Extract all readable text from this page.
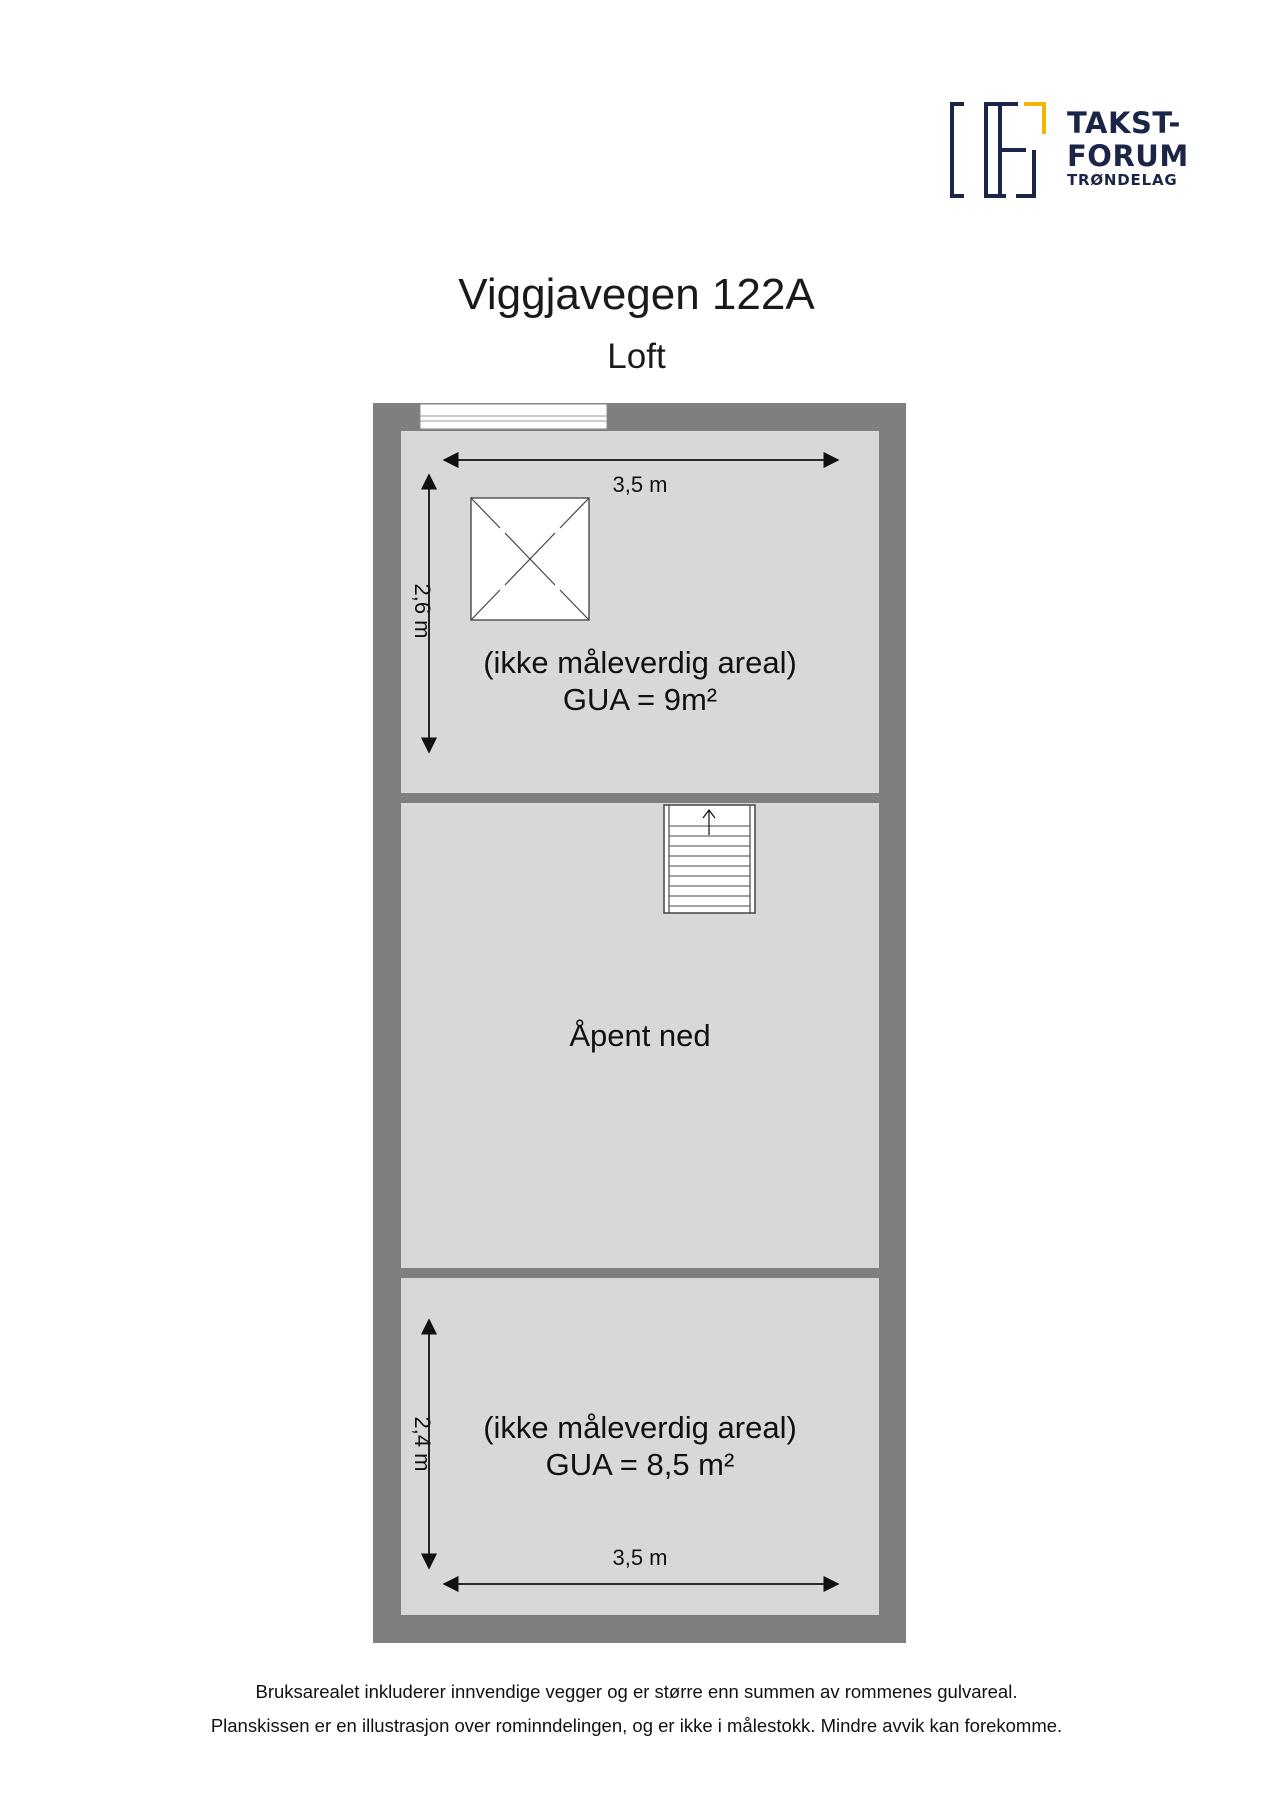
TAKST-
FORUM
TRØNDELAG
Viggjavegen 122A
Loft
3,5 m
2,6 m
(ikke måleverdig areal)
GUA = 9m²
Åpent ned
2,4 m	(ikke måleverdig areal)
GUA = 8,5 m²
3,5 m
Bruksarealet inkluderer innvendige vegger og er større enn summen av rommenes gulvareal.
Planskissen er en illustrasjon over rominndelingen, og er ikke i målestokk. Mindre avvik kan forekomme.
